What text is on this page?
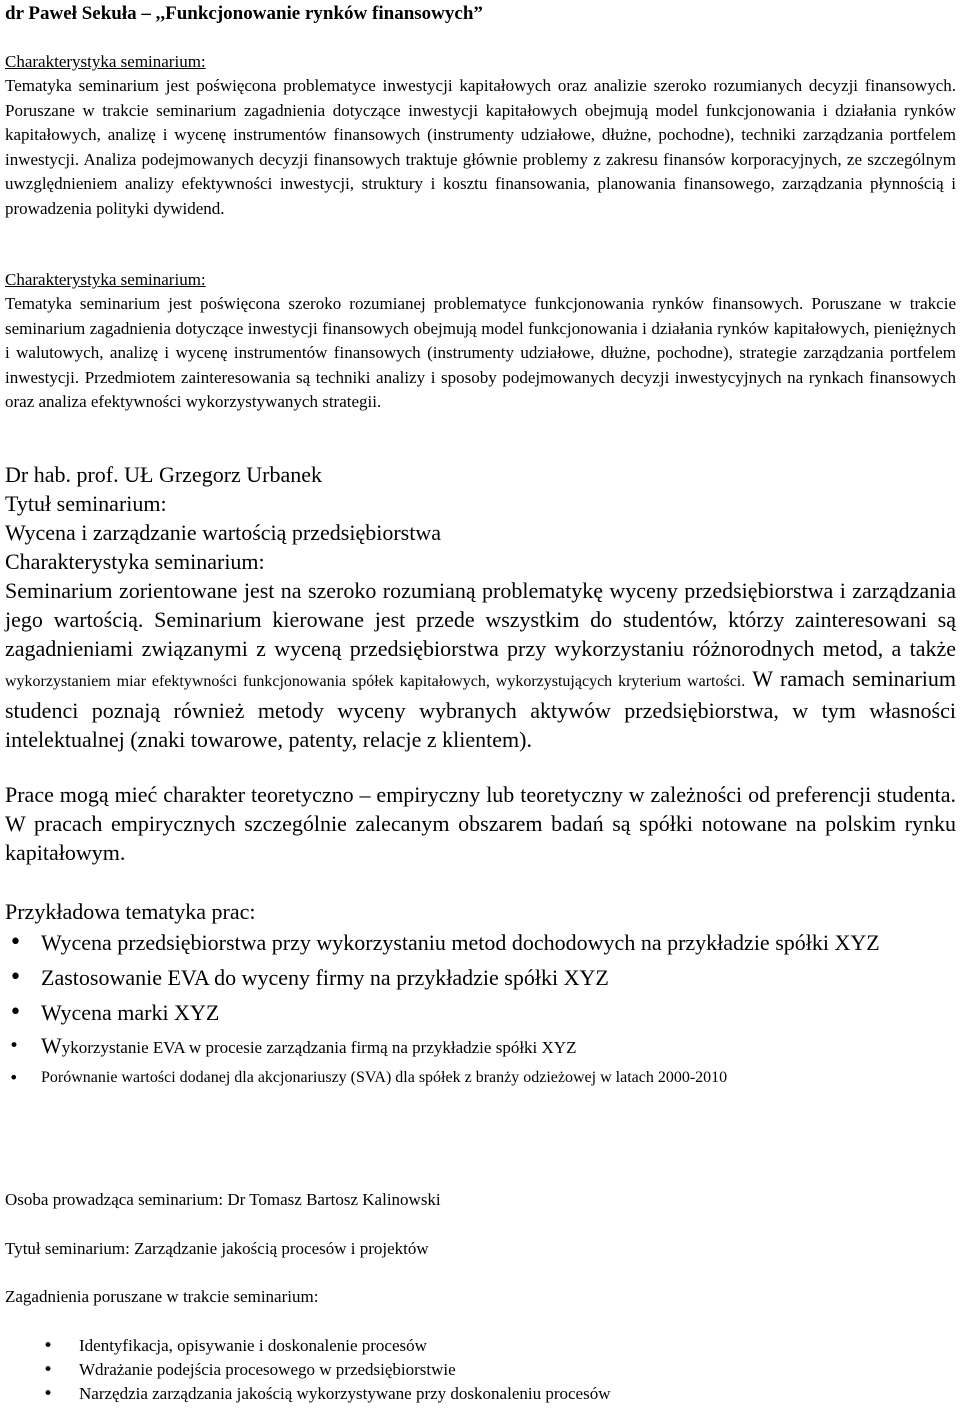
dr Paweł Sekuła – ,,Funkcjonowanie rynków finansowych”

Charakterystyka seminarium:

Tematyka seminarium jest poświęcona problematyce inwestycji kapitałowych oraz analizie szeroko rozumianych decyzji finansowych. Poruszane w trakcie seminarium zagadnienia dotyczące inwestycji kapitałowych obejmują model funkcjonowania i działania rynków kapitałowych, analizę i wycenę instrumentów finansowych (instrumenty udziałowe, dłużne, pochodne), techniki zarządzania portfelem inwestycji. Analiza podejmowanych decyzji finansowych traktuje głównie problemy z zakresu finansów korporacyjnych, ze szczególnym uwzględnieniem analizy efektywności inwestycji, struktury i kosztu finansowania, planowania finansowego, zarządzania płynnością i prowadzenia polityki dywidend.

Charakterystyka seminarium:

Tematyka seminarium jest poświęcona szeroko rozumianej problematyce funkcjonowania rynków finansowych. Poruszane w trakcie seminarium zagadnienia dotyczące inwestycji finansowych obejmują model funkcjonowania i działania rynków kapitałowych, pieniężnych i walutowych, analizę i wycenę instrumentów finansowych (instrumenty udziałowe, dłużne, pochodne), strategie zarządzania portfelem inwestycji. Przedmiotem zainteresowania są techniki analizy i sposoby podejmowanych decyzji inwestycyjnych na rynkach finansowych oraz analiza efektywności wykorzystywanych strategii.

Dr hab. prof. UŁ Grzegorz Urbanek

Tytuł seminarium:

Wycena i zarządzanie wartością przedsiębiorstwa

Charakterystyka seminarium:

Seminarium zorientowane jest na szeroko rozumianą problematykę wyceny przedsiębiorstwa i zarządzania jego wartością. Seminarium kierowane jest przede wszystkim do studentów, którzy zainteresowani są zagadnieniami związanymi z wyceną przedsiębiorstwa przy wykorzystaniu różnorodnych metod, a także wykorzystaniem miar efektywności funkcjonowania spółek kapitałowych, wykorzystujących kryterium wartości. W ramach seminarium studenci poznają również metody wyceny wybranych aktywów przedsiębiorstwa, w tym własności intelektualnej (znaki towarowe, patenty, relacje z klientem).

Prace mogą mieć charakter teoretyczno – empiryczny lub teoretyczny w zależności od preferencji studenta. W pracach empirycznych szczególnie zalecanym obszarem badań są spółki notowane na polskim rynku kapitałowym.

Przykładowa tematyka prac:

• Wycena przedsiębiorstwa przy wykorzystaniu metod dochodowych na przykładzie spółki XYZ
• Zastosowanie EVA do wyceny firmy na przykładzie spółki XYZ
• Wycena marki XYZ
• Wykorzystanie EVA w procesie zarządzania firmą na przykładzie spółki XYZ
• Porównanie wartości dodanej dla akcjonariuszy (SVA) dla spółek z branży odzieżowej w latach 2000-2010

Osoba prowadząca seminarium: Dr Tomasz Bartosz Kalinowski

Tytuł seminarium: Zarządzanie jakością procesów i projektów

Zagadnienia poruszane w trakcie seminarium:

• Identyfikacja, opisywanie i doskonalenie procesów
• Wdrażanie podejścia procesowego w przedsiębiorstwie
• Narzędzia zarządzania jakością wykorzystywane przy doskonaleniu procesów
